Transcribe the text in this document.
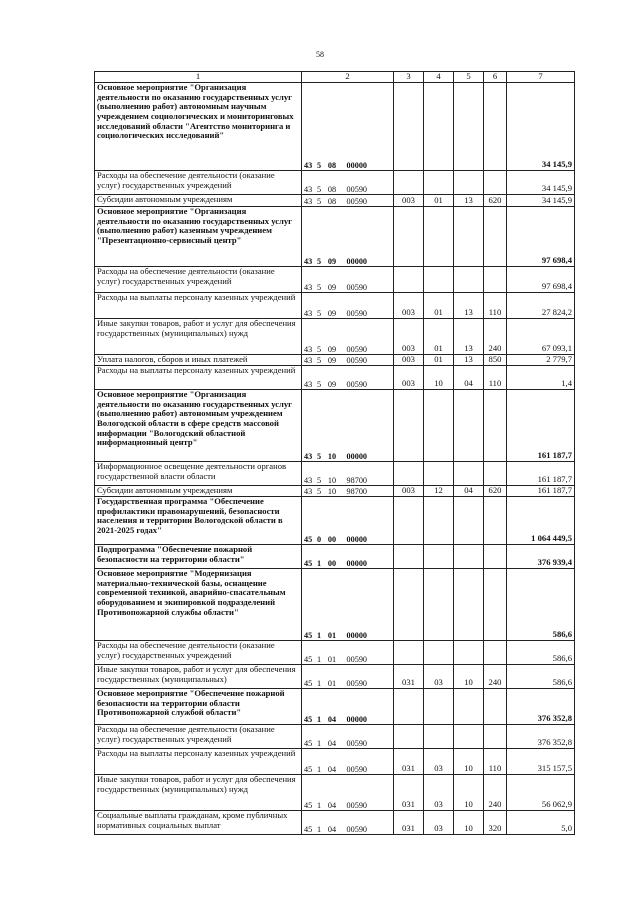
58
1	2	3	4	5	6	7
Основное мероприятие "Организация деятельности по оказанию государственных услуг (выполнению работ) автономным научным учреждением социологических и мониторинговых исследований области "Агентство мониторинга и социологических исследований"	43 5 08 00000					34 145,9
Расходы на обеспечение деятельности (оказание услуг) государственных учреждений	43 5 08 00590					34 145,9
Субсидии автономным учреждениям	43 5 08 00590	003	01	13	620	34 145,9
Основное мероприятие "Организация деятельности по оказанию государственных услуг (выполнению работ) казенным учреждением "Презентационно-сервисный центр"	43 5 09 00000					97 698,4
Расходы на обеспечение деятельности (оказание услуг) государственных учреждений	43 5 09 00590					97 698,4
Расходы на выплаты персоналу казенных учреждений	43 5 09 00590	003	01	13	110	27 824,2
Иные закупки товаров, работ и услуг для обеспечения государственных (муниципальных) нужд	43 5 09 00590	003	01	13	240	67 093,1
Уплата налогов, сборов и иных платежей	43 5 09 00590	003	01	13	850	2 779,7
Расходы на выплаты персоналу казенных учреждений	43 5 09 00590	003	10	04	110	1,4
Основное мероприятие "Организация деятельности по оказанию государственных услуг (выполнению работ) автономным учреждением Вологодской области в сфере средств массовой информации "Вологодский областной информационный центр"	43 5 10 00000					161 187,7
Информационное освещение деятельности органов государственной власти области	43 5 10 98700					161 187,7
Субсидии автономным учреждениям	43 5 10 98700	003	12	04	620	161 187,7
Государственная программа "Обеспечение профилактики правонарушений, безопасности населения и территории Вологодской области в 2021-2025 годах"	45 0 00 00000					1 064 449,5
Подпрограмма "Обеспечение пожарной безопасности на территории области"	45 1 00 00000					376 939,4
Основное мероприятие "Модернизация материально-технической базы, оснащение современной техникой, аварийно-спасательным оборудованием и экипировкой подразделений Противопожарной службы области"	45 1 01 00000					586,6
Расходы на обеспечение деятельности (оказание услуг) государственных учреждений	45 1 01 00590					586,6
Иные закупки товаров, работ и услуг для обеспечения государственных (муниципальных)	45 1 01 00590	031	03	10	240	586,6
Основное мероприятие "Обеспечение пожарной безопасности на территории области Противопожарной службой области"	45 1 04 00000					376 352,8
Расходы на обеспечение деятельности (оказание услуг) государственных учреждений	45 1 04 00590					376 352,8
Расходы на выплаты персоналу казенных учреждений	45 1 04 00590	031	03	10	110	315 157,5
Иные закупки товаров, работ и услуг для обеспечения государственных (муниципальных) нужд	45 1 04 00590	031	03	10	240	56 062,9
Социальные выплаты гражданам, кроме публичных нормативных социальных выплат	45 1 04 00590	031	03	10	320	5,0
